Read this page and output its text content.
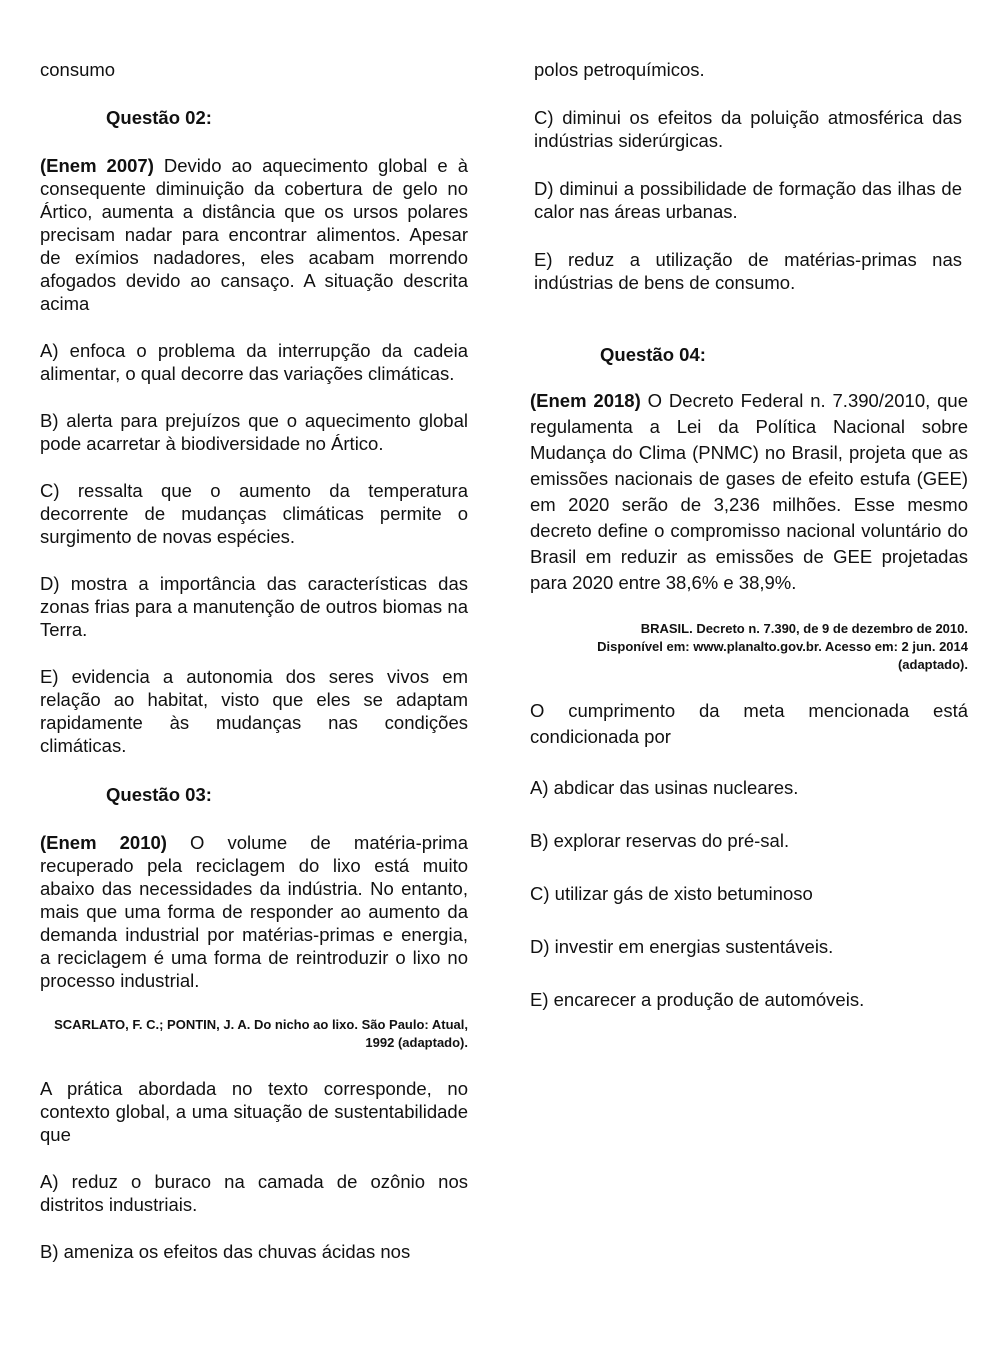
consumo

Questão 02:

(Enem 2007) Devido ao aquecimento global e à consequente diminuição da cobertura de gelo no Ártico, aumenta a distância que os ursos polares precisam nadar para encontrar alimentos. Apesar de exímios nadadores, eles acabam morrendo afogados devido ao cansaço. A situação descrita acima

A) enfoca o problema da interrupção da cadeia alimentar, o qual decorre das variações climáticas.

B) alerta para prejuízos que o aquecimento global pode acarretar à biodiversidade no Ártico.

C) ressalta que o aumento da temperatura decorrente de mudanças climáticas permite o surgimento de novas espécies.

D) mostra a importância das características das zonas frias para a manutenção de outros biomas na Terra.

E) evidencia a autonomia dos seres vivos em relação ao habitat, visto que eles se adaptam rapidamente às mudanças nas condições climáticas.

Questão 03:

(Enem 2010) O volume de matéria-prima recuperado pela reciclagem do lixo está muito abaixo das necessidades da indústria. No entanto, mais que uma forma de responder ao aumento da demanda industrial por matérias-primas e energia, a reciclagem é uma forma de reintroduzir o lixo no processo industrial.

SCARLATO, F. C.; PONTIN, J. A. Do nicho ao lixo. São Paulo: Atual, 1992 (adaptado).

A prática abordada no texto corresponde, no contexto global, a uma situação de sustentabilidade que

A) reduz o buraco na camada de ozônio nos distritos industriais.

B) ameniza os efeitos das chuvas ácidas nos

polos petroquímicos.

C) diminui os efeitos da poluição atmosférica das indústrias siderúrgicas.

D) diminui a possibilidade de formação das ilhas de calor nas áreas urbanas.

E) reduz a utilização de matérias-primas nas indústrias de bens de consumo.

Questão 04:

(Enem 2018) O Decreto Federal n. 7.390/2010, que regulamenta a Lei da Política Nacional sobre Mudança do Clima (PNMC) no Brasil, projeta que as emissões nacionais de gases de efeito estufa (GEE) em 2020 serão de 3,236 milhões. Esse mesmo decreto define o compromisso nacional voluntário do Brasil em reduzir as emissões de GEE projetadas para 2020 entre 38,6% e 38,9%.

BRASIL. Decreto n. 7.390, de 9 de dezembro de 2010.
Disponível em: www.planalto.gov.br. Acesso em: 2 jun. 2014
(adaptado).

O cumprimento da meta mencionada está condicionada por

A) abdicar das usinas nucleares.

B) explorar reservas do pré-sal.

C) utilizar gás de xisto betuminoso

D) investir em energias sustentáveis.

E) encarecer a produção de automóveis.
